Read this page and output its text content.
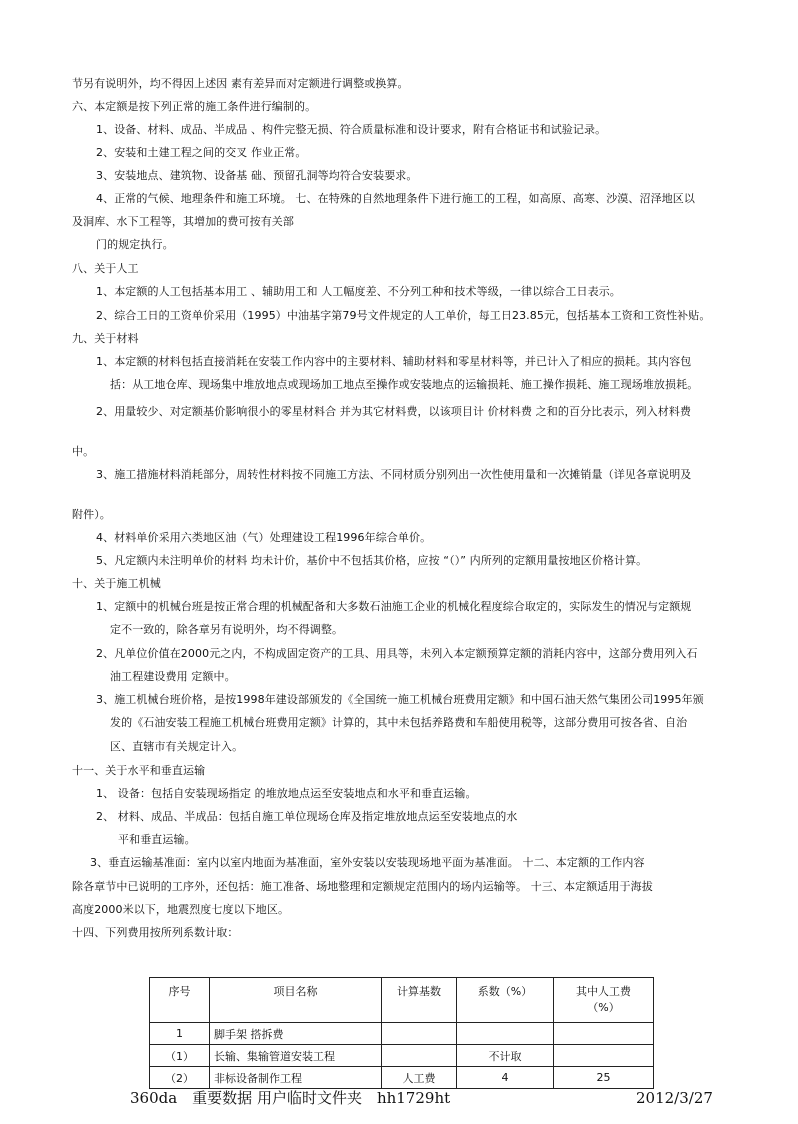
节另有说明外，均不得因上述因 素有差异而对定额进行调整或换算。
六、本定额是按下列正常的施工条件进行编制的。
1、设备、材料、成品、半成品 、构件完整无损、符合质量标准和设计要求，附有合格证书和试验记录。
2、安装和土建工程之间的交叉 作业正常。
3、安装地点、建筑物、设备基 础、预留孔洞等均符合安装要求。
4、正常的气候、地理条件和施工环境。 七、在特殊的自然地理条件下进行施工的工程，如高原、高寒、沙漠、沼泽地区以
及洞库、水下工程等，其增加的费可按有关部
门的规定执行。
八、关于人工
1、本定额的人工包括基本用工 、辅助用工和 人工幅度差、不分列工种和技术等级，一律以综合工日表示。
2、综合工日的工资单价采用（1995）中油基字第79号文件规定的人工单价，每工日23.85元，包括基本工资和工资性补贴。
九、关于材料
1、本定额的材料包括直接消耗在安装工作内容中的主要材料、辅助材料和零星材料等，并已计入了相应的损耗。其内容包
括：从工地仓库、现场集中堆放地点或现场加工地点至操作或安装地点的运输损耗、施工操作损耗、施工现场堆放损耗。
2、用量较少、对定额基价影响很小的零星材料合 并为其它材料费，以该项目计 价材料费 之和的百分比表示，列入材料费
中。
3、施工措施材料消耗部分，周转性材料按不同施工方法、不同材质分别列出一次性使用量和一次摊销量（详见各章说明及
附件）。
4、材料单价采用六类地区油（气）处理建设工程1996年综合单价。
5、凡定额内未注明单价的材料 均未计价，基价中不包括其价格，应按 “（）” 内所列的定额用量按地区价格计算。
十、关于施工机械
1、定额中的机械台班是按正常合理的机械配备和大多数石油施工企业的机械化程度综合取定的，实际发生的情况与定额规
定不一致的，除各章另有说明外，均不得调整。
2、凡单位价值在2000元之内，不构成固定资产的工具、用具等，未列入本定额预算定额的消耗内容中，这部分费用列入石
油工程建设费用 定额中。
3、施工机械台班价格，是按1998年建设部颁发的《全国统一施工机械台班费用定额》和中国石油天然气集团公司1995年颁
发的《石油安装工程施工机械台班费用定额》计算的，其中未包括养路费和车船使用税等，这部分费用可按各省、自治
区、直辖市有关规定计入。
十一、关于水平和垂直运输
1、 设备：包括自安装现场指定 的堆放地点运至安装地点和水平和垂直运输。
2、 材料、成品、半成品：包括自施工单位现场仓库及指定堆放地点运至安装地点的水
平和垂直运输。
3、垂直运输基准面：室内以室内地面为基准面，室外安装以安装现场地平面为基准面。 十二、本定额的工作内容
除各章节中已说明的工序外，还包括：施工准备、场地整理和定额规定范围内的场内运输等。 十三、本定额适用于海拔
高度2000米以下，地震烈度七度以下地区。
十四、下列费用按所列系数计取：
序号	项目名称	计算基数	系数（%）	其中人工费
（%）
1	脚手架 搭拆费			
（1）	长输、集输管道安装工程		不计取	
（2）	非标设备制作工程	人工费	4	25
360da　重要数据 用户临时文件夹　hh1729ht	2012/3/27
